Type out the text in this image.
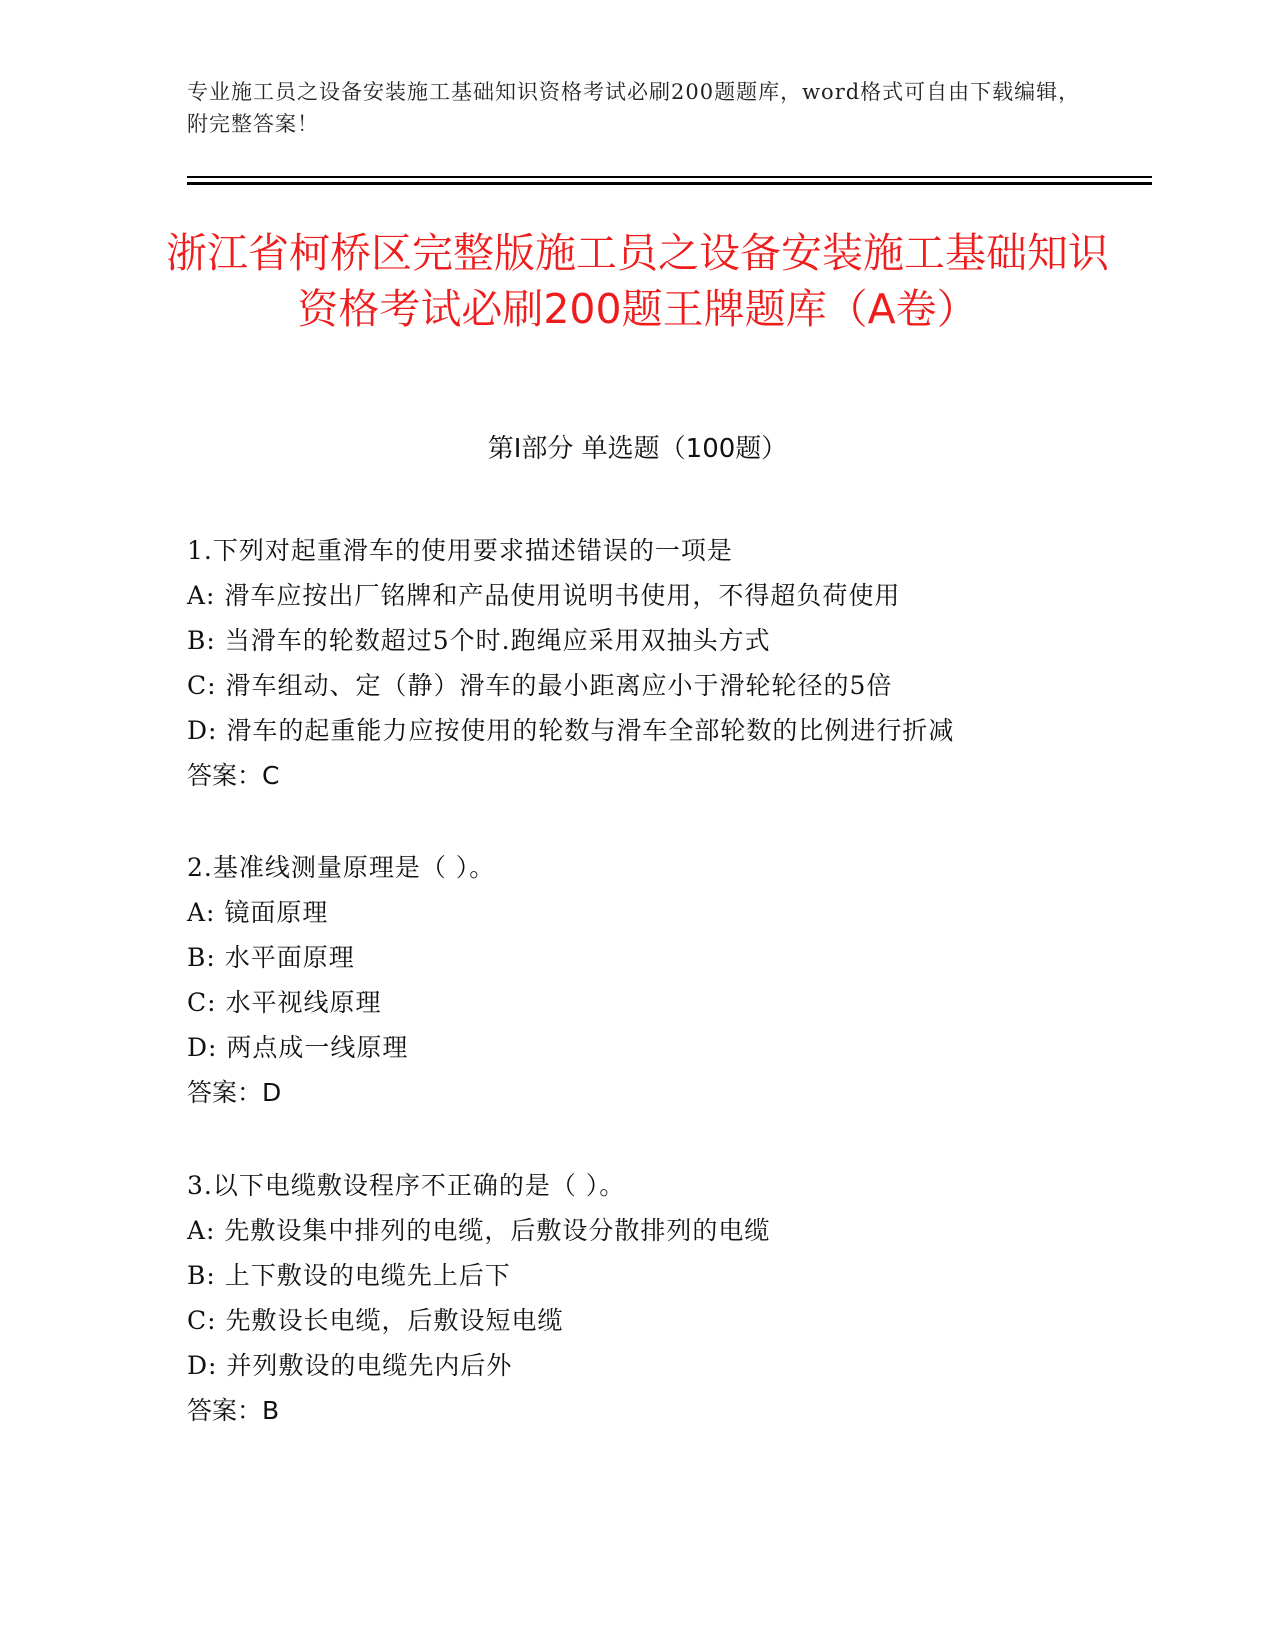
专业施工员之设备安装施工基础知识资格考试必刷200题题库，word格式可自由下载编辑，附完整答案！
浙江省柯桥区完整版施工员之设备安装施工基础知识资格考试必刷200题王牌题库（A卷）
第I部分 单选题（100题）
1.下列对起重滑车的使用要求描述错误的一项是
A: 滑车应按出厂铭牌和产品使用说明书使用，不得超负荷使用
B: 当滑车的轮数超过5个时.跑绳应采用双抽头方式
C: 滑车组动、定（静）滑车的最小距离应小于滑轮轮径的5倍
D: 滑车的起重能力应按使用的轮数与滑车全部轮数的比例进行折减
答案：C
2.基准线测量原理是（ ）。
A: 镜面原理
B: 水平面原理
C: 水平视线原理
D: 两点成一线原理
答案：D
3.以下电缆敷设程序不正确的是（ ）。
A: 先敷设集中排列的电缆，后敷设分散排列的电缆
B: 上下敷设的电缆先上后下
C: 先敷设长电缆，后敷设短电缆
D: 并列敷设的电缆先内后外
答案：B
